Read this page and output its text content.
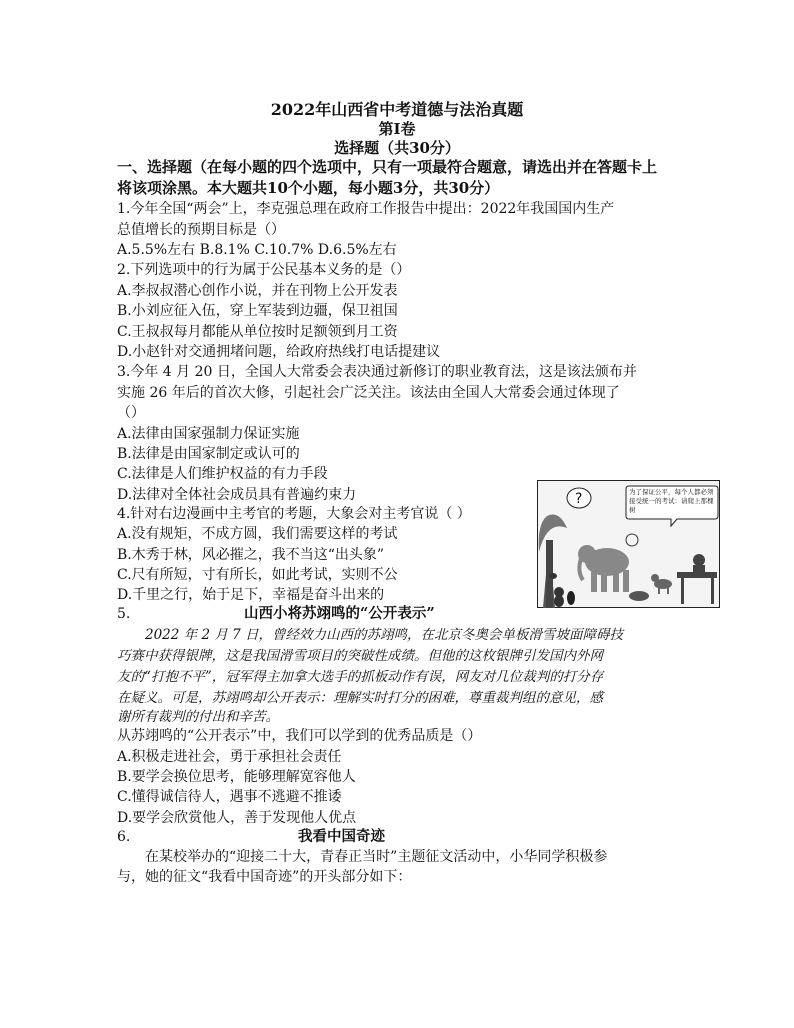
2022年山西省中考道德与法治真题
第I卷
选择题（共30分）
一、选择题（在每小题的四个选项中，只有一项最符合题意，请选出并在答题卡上
将该项涂黑。本大题共10个小题，每小题3分，共30分）
1.今年全国“两会”上，李克强总理在政府工作报告中提出：2022年我国国内生产
总值增长的预期目标是（）
A.5.5%左右 B.8.1% C.10.7% D.6.5%左右
2.下列选项中的行为属于公民基本义务的是（）
A.李叔叔潜心创作小说，并在刊物上公开发表
B.小刘应征入伍，穿上军装到边疆，保卫祖国
C.王叔叔每月都能从单位按时足额领到月工资
D.小赵针对交通拥堵问题，给政府热线打电话提建议
3.今年 4 月 20 日，全国人大常委会表决通过新修订的职业教育法，这是该法颁布并
实施 26 年后的首次大修，引起社会广泛关注。该法由全国人大常委会通过体现了
（）
A.法律由国家强制力保证实施
B.法律是由国家制定或认可的
C.法律是人们维护权益的有力手段
D.法律对全体社会成员具有普遍约束力
4.针对右边漫画中主考官的考题，大象会对主考官说（ ）
A.没有规矩，不成方圆，我们需要这样的考试
B.木秀于林，风必摧之，我不当这“出头象”
C.尺有所短，寸有所长，如此考试，实则不公
D.千里之行，始于足下，幸福是奋斗出来的
?	为了保证公平，每个人都必须接受统一的考试：请爬上那棵树
5.	山西小将苏翊鸣的“公开表示”
2022 年 2 月 7 日，曾经效力山西的苏翊鸣，在北京冬奥会单板滑雪坡面障碍技
巧赛中获得银牌，这是我国滑雪项目的突破性成绩。但他的这枚银牌引发国内外网
友的“打抱不平”，冠军得主加拿大选手的抓板动作有误，网友对几位裁判的打分存
在疑义。可是，苏翊鸣却公开表示：理解实时打分的困难，尊重裁判组的意见，感
谢所有裁判的付出和辛苦。
从苏翊鸣的“公开表示”中，我们可以学到的优秀品质是（）
A.积极走进社会，勇于承担社会责任
B.要学会换位思考，能够理解宽容他人
C.懂得诚信待人，遇事不逃避不推诿
D.要学会欣赏他人，善于发现他人优点
6.	我看中国奇迹
在某校举办的“迎接二十大，青春正当时”主题征文活动中，小华同学积极参
与，她的征文“我看中国奇迹”的开头部分如下：
